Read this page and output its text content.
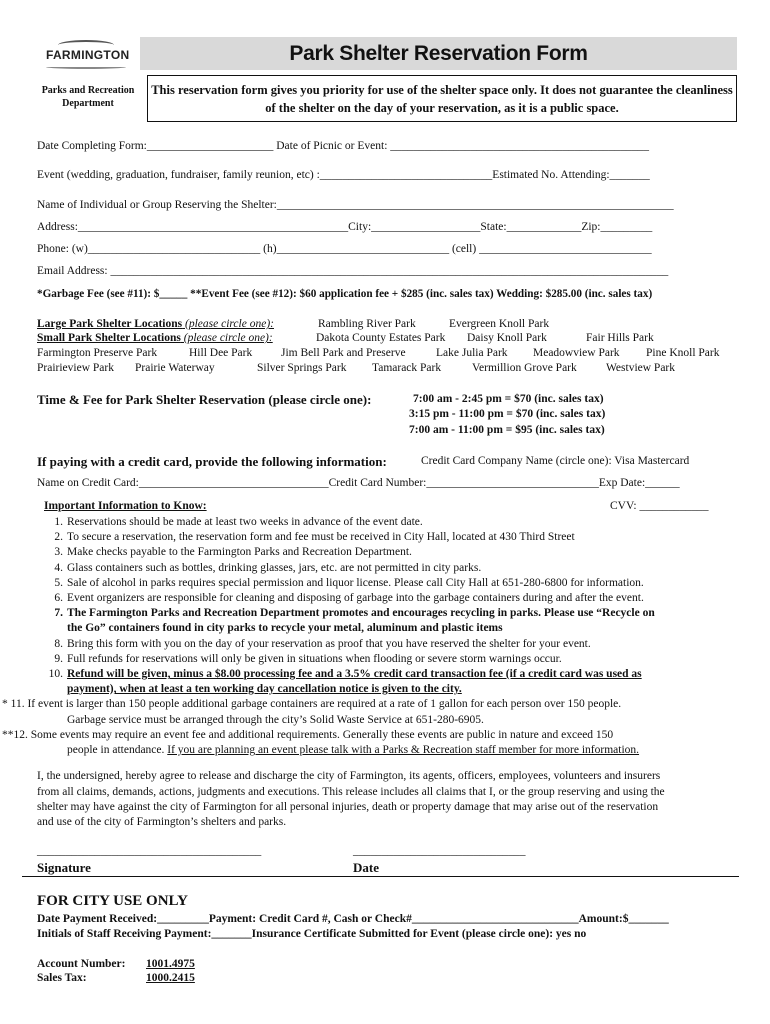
FARMINGTON
Parks and Recreation Department
Park Shelter Reservation Form
This reservation form gives you priority for use of the shelter space only. It does not guarantee the cleanliness of the shelter on the day of your reservation, as it is a public space.
Date Completing Form:______________________ Date of Picnic or Event: _____________________________________________
Event (wedding, graduation, fundraiser, family reunion, etc) :______________________________Estimated No. Attending:_______
Name of Individual or Group Reserving the Shelter:_____________________________________________________________________
Address:_______________________________________________City:___________________State:_____________Zip:_________
Phone: (w)______________________________ (h)______________________________ (cell) ______________________________
Email Address: _________________________________________________________________________________________________
*Garbage Fee (see #11): $_____ **Event Fee (see #12): $60 application fee + $285 (inc. sales tax) Wedding: $285.00 (inc. sales tax)
Large Park Shelter Locations (please circle one):	Rambling River Park	Evergreen Knoll Park
Small Park Shelter Locations (please circle one):	Dakota County Estates Park Daisy Knoll Park	Fair Hills Park
Farmington Preserve Park	Hill Dee Park	Jim Bell Park and Preserve	Lake Julia Park Meadowview Park Pine Knoll Park
Prairieview Park Prairie Waterway	Silver Springs Park Tamarack Park	Vermillion Grove Park	Westview Park
Time & Fee for Park Shelter Reservation (please circle one):	7:00 am - 2:45 pm = $70 (inc. sales tax)
3:15 pm - 11:00 pm = $70 (inc. sales tax)
7:00 am - 11:00 pm = $95 (inc. sales tax)
If paying with a credit card, provide the following information:	Credit Card Company Name (circle one): Visa Mastercard
Name on Credit Card:_________________________________Credit Card Number:______________________________Exp Date:______
Important Information to Know:	CVV: ____________
1. Reservations should be made at least two weeks in advance of the event date.
2. To secure a reservation, the reservation form and fee must be received in City Hall, located at 430 Third Street
3. Make checks payable to the Farmington Parks and Recreation Department.
4. Glass containers such as bottles, drinking glasses, jars, etc. are not permitted in city parks.
5. Sale of alcohol in parks requires special permission and liquor license. Please call City Hall at 651-280-6800 for information.
6. Event organizers are responsible for cleaning and disposing of garbage into the garbage containers during and after the event.
7. The Farmington Parks and Recreation Department promotes and encourages recycling in parks. Please use “Recycle on
the Go” containers found in city parks to recycle your metal, aluminum and plastic items
8. Bring this form with you on the day of your reservation as proof that you have reserved the shelter for your event.
9. Full refunds for reservations will only be given in situations when flooding or severe storm warnings occur.
10. Refund will be given, minus a $8.00 processing fee and a 3.5% credit card transaction fee (if a credit card was used as
payment), when at least a ten working day cancellation notice is given to the city.
* 11. If event is larger than 150 people additional garbage containers are required at a rate of 1 gallon for each person over 150 people.
Garbage service must be arranged through the city’s Solid Waste Service at 651-280-6905.
**12. Some events may require an event fee and additional requirements. Generally these events are public in nature and exceed 150
people in attendance. If you are planning an event please talk with a Parks & Recreation staff member for more information.
I, the undersigned, hereby agree to release and discharge the city of Farmington, its agents, officers, employees, volunteers and insurers
from all claims, demands, actions, judgments and executions. This release includes all claims that I, or the group reserving and using the
shelter may have against the city of Farmington for all personal injuries, death or property damage that may arise out of the reservation
and use of the city of Farmington’s shelters and parks.
_______________________________________
Signature
______________________________
Date
FOR CITY USE ONLY
Date Payment Received:_________Payment: Credit Card #, Cash or Check#_____________________________Amount:$_______
Initials of Staff Receiving Payment:_______Insurance Certificate Submitted for Event (please circle one): yes no
Account Number: 1001.4975
Sales Tax:	1000.2415
